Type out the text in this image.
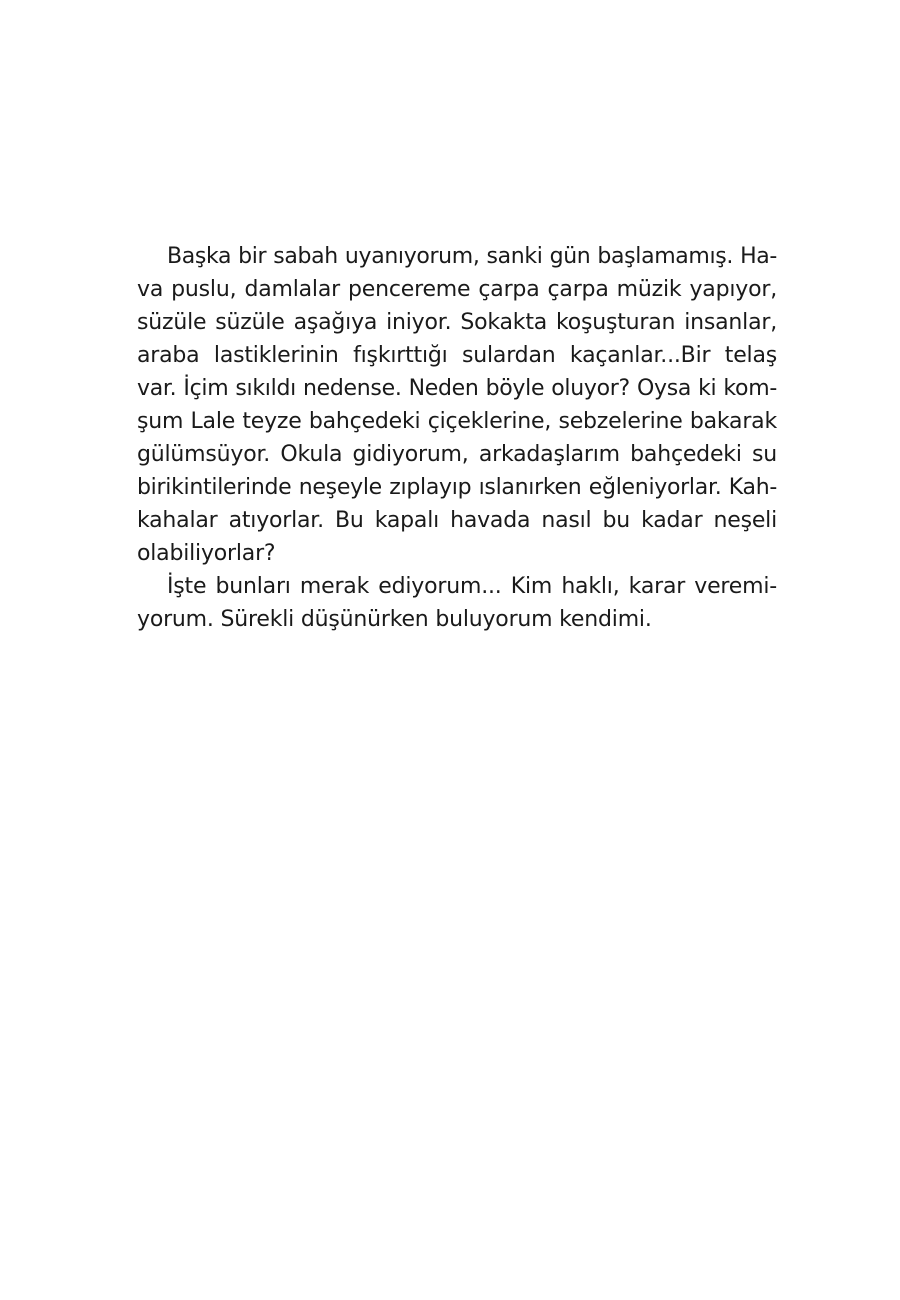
Başka bir sabah uyanıyorum, sanki gün başlamamış. Ha-
va puslu, damlalar pencereme çarpa çarpa müzik yapıyor,
süzüle süzüle aşağıya iniyor. Sokakta koşuşturan insanlar,
araba lastiklerinin fışkırttığı sulardan kaçanlar...Bir telaş
var. İçim sıkıldı nedense. Neden böyle oluyor? Oysa ki kom-
şum Lale teyze bahçedeki çiçeklerine, sebzelerine bakarak
gülümsüyor. Okula gidiyorum, arkadaşlarım bahçedeki su
birikintilerinde neşeyle zıplayıp ıslanırken eğleniyorlar. Kah-
kahalar atıyorlar. Bu kapalı havada nasıl bu kadar neşeli
olabiliyorlar?
İşte bunları merak ediyorum... Kim haklı, karar veremi-
yorum. Sürekli düşünürken buluyorum kendimi.
